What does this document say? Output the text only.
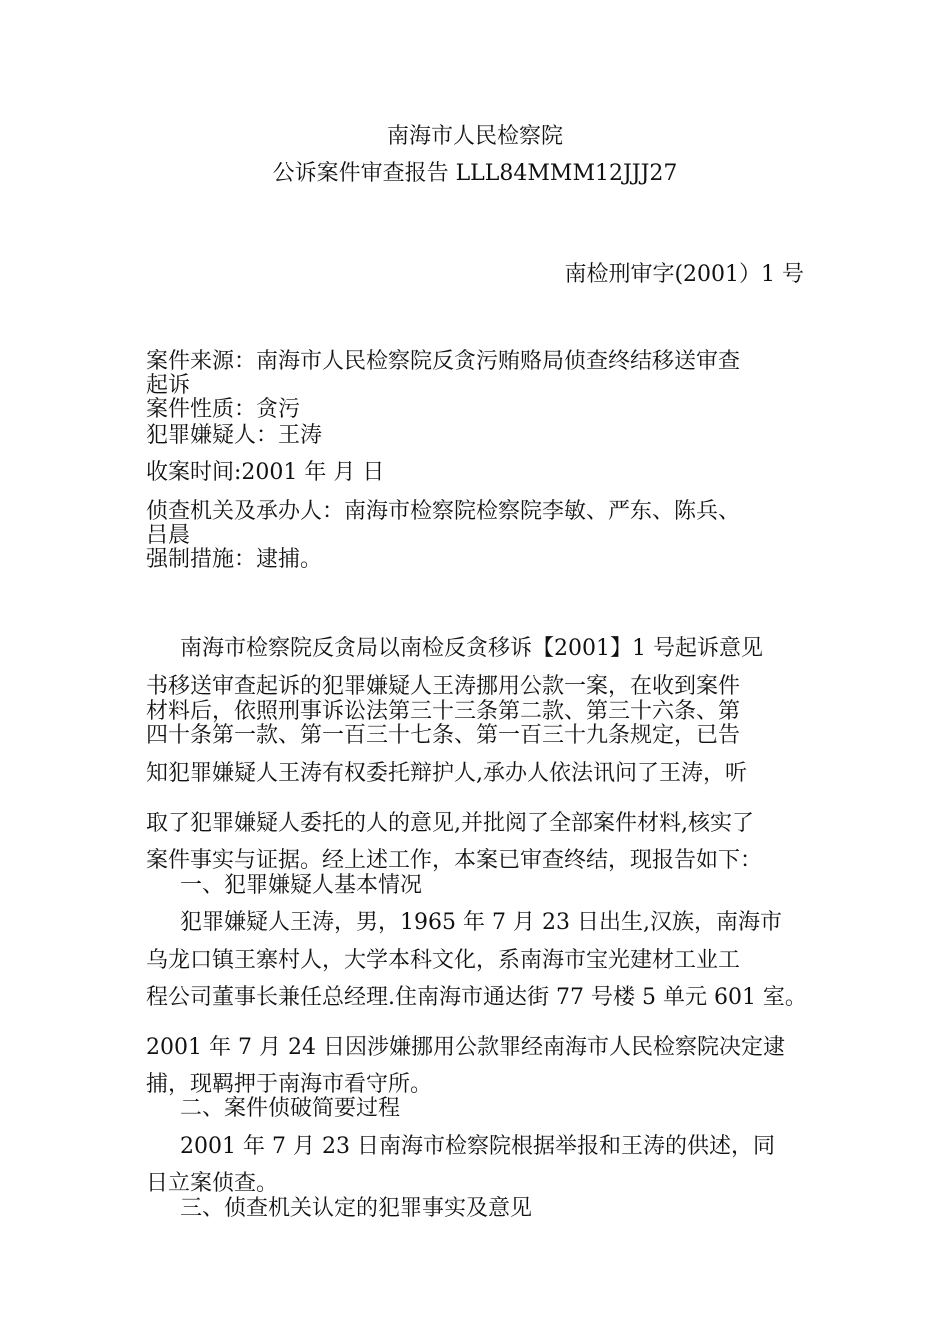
南海市人民检察院
公诉案件审查报告 LLL84MMM12JJJ27
南检刑审字(2001）1 号
案件来源：南海市人民检察院反贪污贿赂局侦查终结移送审查
起诉
案件性质：贪污
犯罪嫌疑人：王涛
收案时间:2001 年 月 日
侦查机关及承办人：南海市检察院检察院李敏、严东、陈兵、
吕晨
强制措施：逮捕。
南海市检察院反贪局以南检反贪移诉【2001】1 号起诉意见
书移送审查起诉的犯罪嫌疑人王涛挪用公款一案，在收到案件
材料后，依照刑事诉讼法第三十三条第二款、第三十六条、第
四十条第一款、第一百三十七条、第一百三十九条规定，已告
知犯罪嫌疑人王涛有权委托辩护人,承办人依法讯问了王涛，听
取了犯罪嫌疑人委托的人的意见,并批阅了全部案件材料,核实了
案件事实与证据。经上述工作，本案已审查终结，现报告如下：
一、犯罪嫌疑人基本情况
犯罪嫌疑人王涛，男，1965 年 7 月 23 日出生,汉族，南海市
乌龙口镇王寨村人，大学本科文化，系南海市宝光建材工业工
程公司董事长兼任总经理.住南海市通达街 77 号楼 5 单元 601 室。
2001 年 7 月 24 日因涉嫌挪用公款罪经南海市人民检察院决定逮
捕，现羁押于南海市看守所。
二、案件侦破简要过程
2001 年 7 月 23 日南海市检察院根据举报和王涛的供述，同
日立案侦查。
三、侦查机关认定的犯罪事实及意见
